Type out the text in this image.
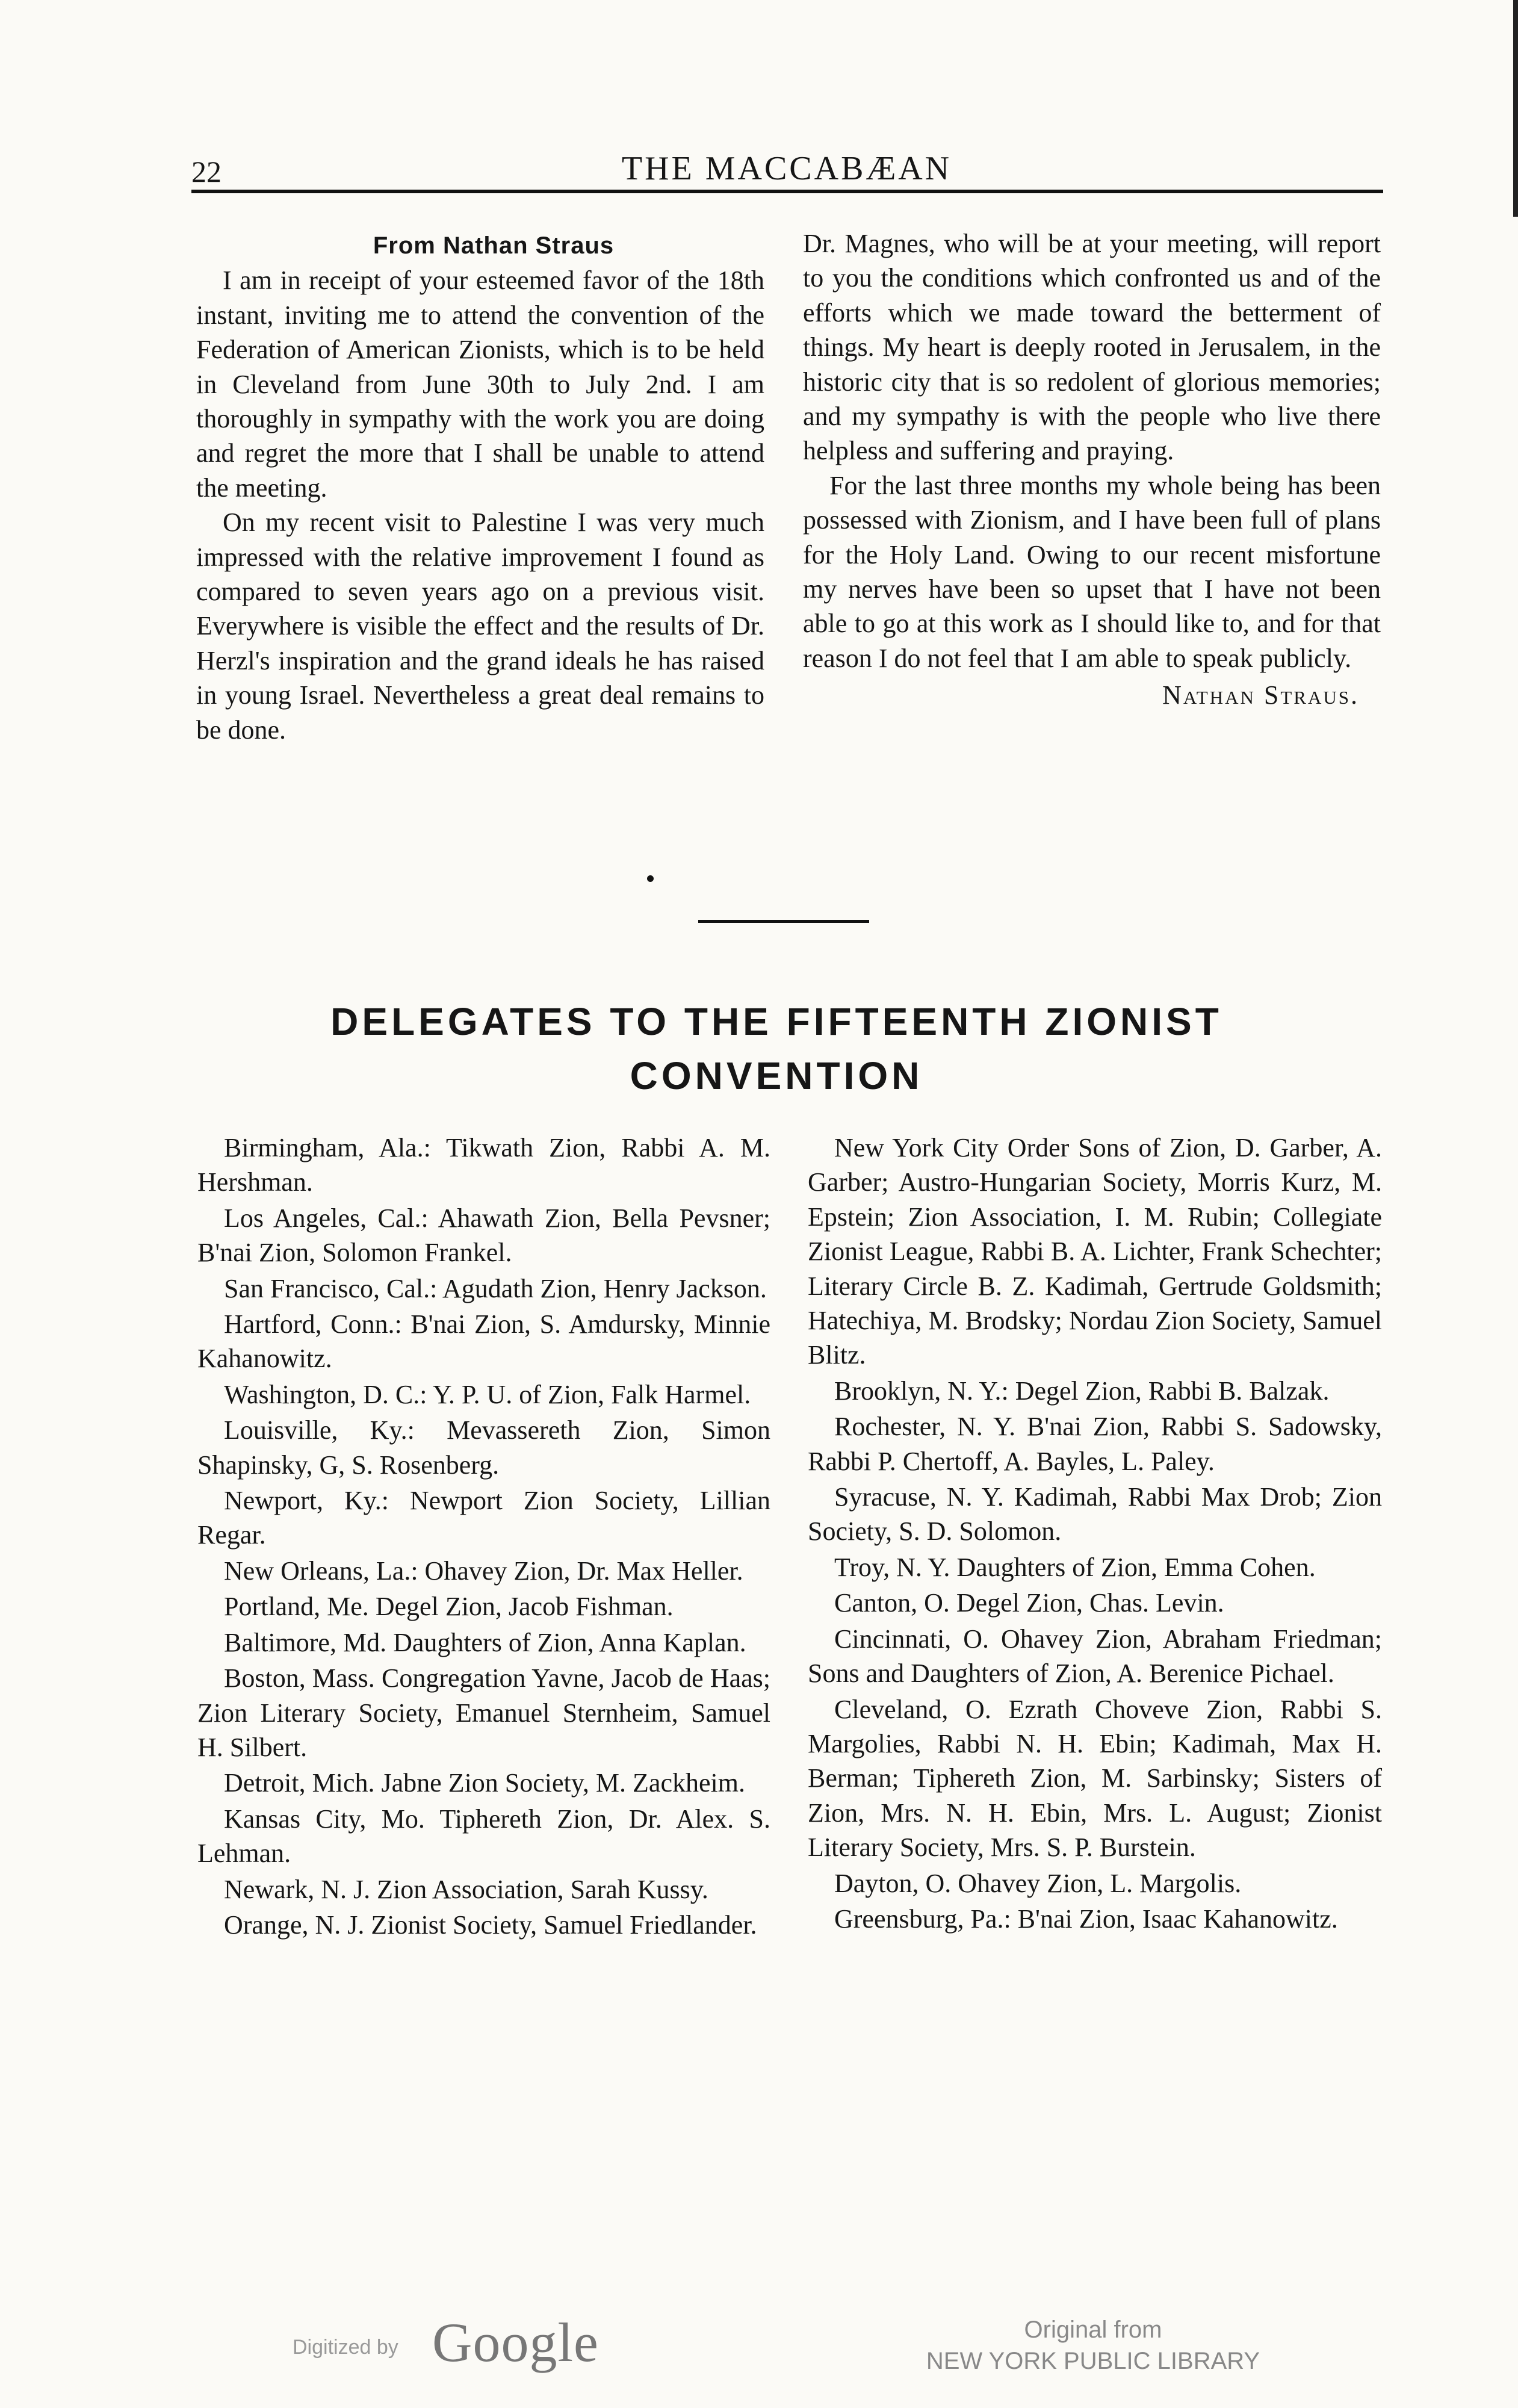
22	THE MACCABÆAN

From Nathan Straus

I am in receipt of your esteemed favor of the 18th instant, inviting me to attend the convention of the Federation of American Zionists, which is to be held in Cleveland from June 30th to July 2nd. I am thoroughly in sympathy with the work you are doing and regret the more that I shall be unable to attend the meeting.

On my recent visit to Palestine I was very much impressed with the relative improvement I found as compared to seven years ago on a previous visit. Everywhere is visible the effect and the results of Dr. Herzl's inspiration and the grand ideals he has raised in young Israel. Nevertheless a great deal remains to be done.

Dr. Magnes, who will be at your meeting, will report to you the conditions which confronted us and of the efforts which we made toward the betterment of things. My heart is deeply rooted in Jerusalem, in the historic city that is so redolent of glorious memories; and my sympathy is with the people who live there helpless and suffering and praying.

For the last three months my whole being has been possessed with Zionism, and I have been full of plans for the Holy Land. Owing to our recent misfortune my nerves have been so upset that I have not been able to go at this work as I should like to, and for that reason I do not feel that I am able to speak publicly.

Nathan Straus.
DELEGATES TO THE FIFTEENTH ZIONIST CONVENTION

Birmingham, Ala.: Tikwath Zion, Rabbi A. M. Hershman.

Los Angeles, Cal.: Ahawath Zion, Bella Pevsner; B'nai Zion, Solomon Frankel.

San Francisco, Cal.: Agudath Zion, Henry Jackson.

Hartford, Conn.: B'nai Zion, S. Amdursky, Minnie Kahanowitz.

Washington, D. C.: Y. P. U. of Zion, Falk Harmel.

Louisville, Ky.: Mevassereth Zion, Simon Shapinsky, G, S. Rosenberg.

Newport, Ky.: Newport Zion Society, Lillian Regar.

New Orleans, La.: Ohavey Zion, Dr. Max Heller.

Portland, Me. Degel Zion, Jacob Fishman.

Baltimore, Md. Daughters of Zion, Anna Kaplan.

Boston, Mass. Congregation Yavne, Jacob de Haas; Zion Literary Society, Emanuel Sternheim, Samuel H. Silbert.

Detroit, Mich. Jabne Zion Society, M. Zackheim.

Kansas City, Mo. Tiphereth Zion, Dr. Alex. S. Lehman.

Newark, N. J. Zion Association, Sarah Kussy.

Orange, N. J. Zionist Society, Samuel Friedlander.

New York City Order Sons of Zion, D. Garber, A. Garber; Austro-Hungarian Society, Morris Kurz, M. Epstein; Zion Association, I. M. Rubin; Collegiate Zionist League, Rabbi B. A. Lichter, Frank Schechter; Literary Circle B. Z. Kadimah, Gertrude Goldsmith; Hatechiya, M. Brodsky; Nordau Zion Society, Samuel Blitz.

Brooklyn, N. Y.: Degel Zion, Rabbi B. Balzak.

Rochester, N. Y. B'nai Zion, Rabbi S. Sadowsky, Rabbi P. Chertoff, A. Bayles, L. Paley.

Syracuse, N. Y. Kadimah, Rabbi Max Drob; Zion Society, S. D. Solomon.

Troy, N. Y. Daughters of Zion, Emma Cohen.

Canton, O. Degel Zion, Chas. Levin.

Cincinnati, O. Ohavey Zion, Abraham Friedman; Sons and Daughters of Zion, A. Berenice Pichael.

Cleveland, O. Ezrath Choveve Zion, Rabbi S. Margolies, Rabbi N. H. Ebin; Kadimah, Max H. Berman; Tiphereth Zion, M. Sarbinsky; Sisters of Zion, Mrs. N. H. Ebin, Mrs. L. August; Zionist Literary Society, Mrs. S. P. Burstein.

Dayton, O. Ohavey Zion, L. Margolis.

Greensburg, Pa.: B'nai Zion, Isaac Kahanowitz.

Digitized by Google	Original from
NEW YORK PUBLIC LIBRARY
